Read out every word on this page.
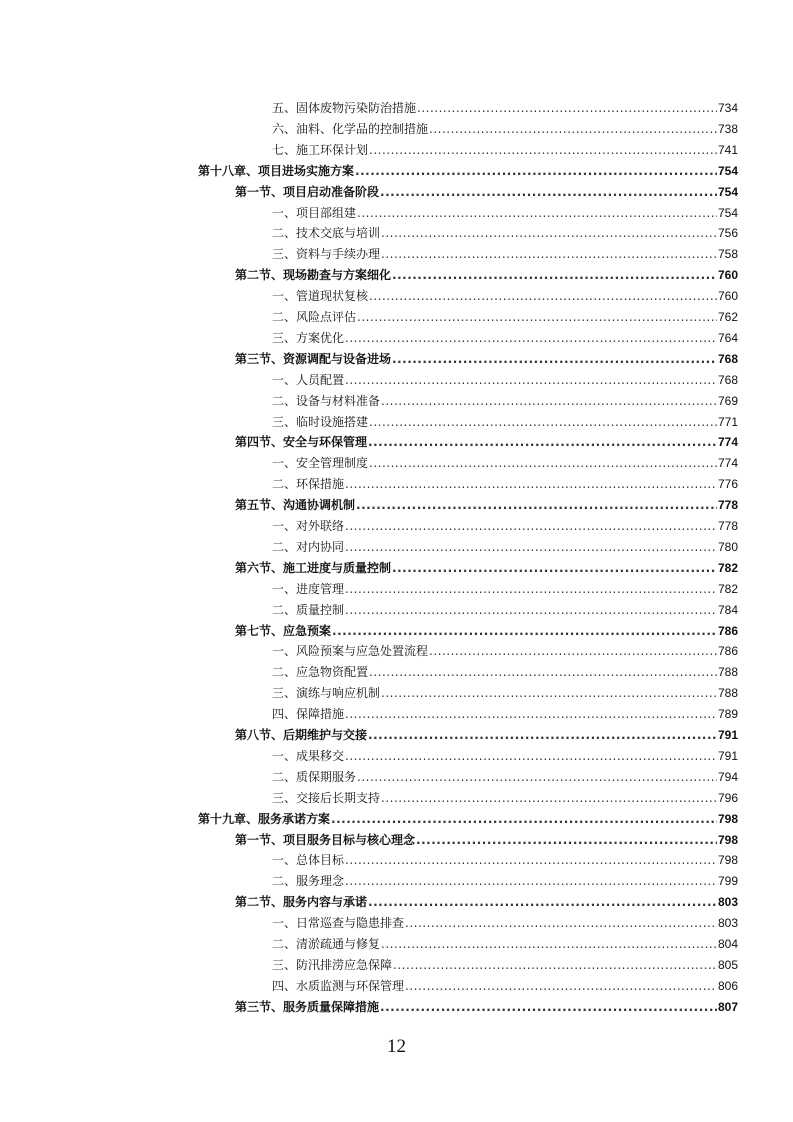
五、固体废物污染防治措施 .....	734
六、油料、化学品的控制措施 .....	738
七、施工环保计划 .....	741
第十八章、项目进场实施方案 .....	754
第一节、项目启动准备阶段 .....	754
一、项目部组建 .....	754
二、技术交底与培训 .....	756
三、资料与手续办理 .....	758
第二节、现场勘查与方案细化 .....	760
一、管道现状复核 .....	760
二、风险点评估 .....	762
三、方案优化 .....	764
第三节、资源调配与设备进场 .....	768
一、人员配置 .....	768
二、设备与材料准备 .....	769
三、临时设施搭建 .....	771
第四节、安全与环保管理 .....	774
一、安全管理制度 .....	774
二、环保措施 .....	776
第五节、沟通协调机制 .....	778
一、对外联络 .....	778
二、对内协同 .....	780
第六节、施工进度与质量控制 .....	782
一、进度管理 .....	782
二、质量控制 .....	784
第七节、应急预案 .....	786
一、风险预案与应急处置流程 .....	786
二、应急物资配置 .....	788
三、演练与响应机制 .....	788
四、保障措施 .....	789
第八节、后期维护与交接 .....	791
一、成果移交 .....	791
二、质保期服务 .....	794
三、交接后长期支持 .....	796
第十九章、服务承诺方案 .....	798
第一节、项目服务目标与核心理念 .....	798
一、总体目标 .....	798
二、服务理念 .....	799
第二节、服务内容与承诺 .....	803
一、日常巡查与隐患排查 .....	803
二、清淤疏通与修复 .....	804
三、防汛排涝应急保障 .....	805
四、水质监测与环保管理 .....	806
第三节、服务质量保障措施 .....	807
12
